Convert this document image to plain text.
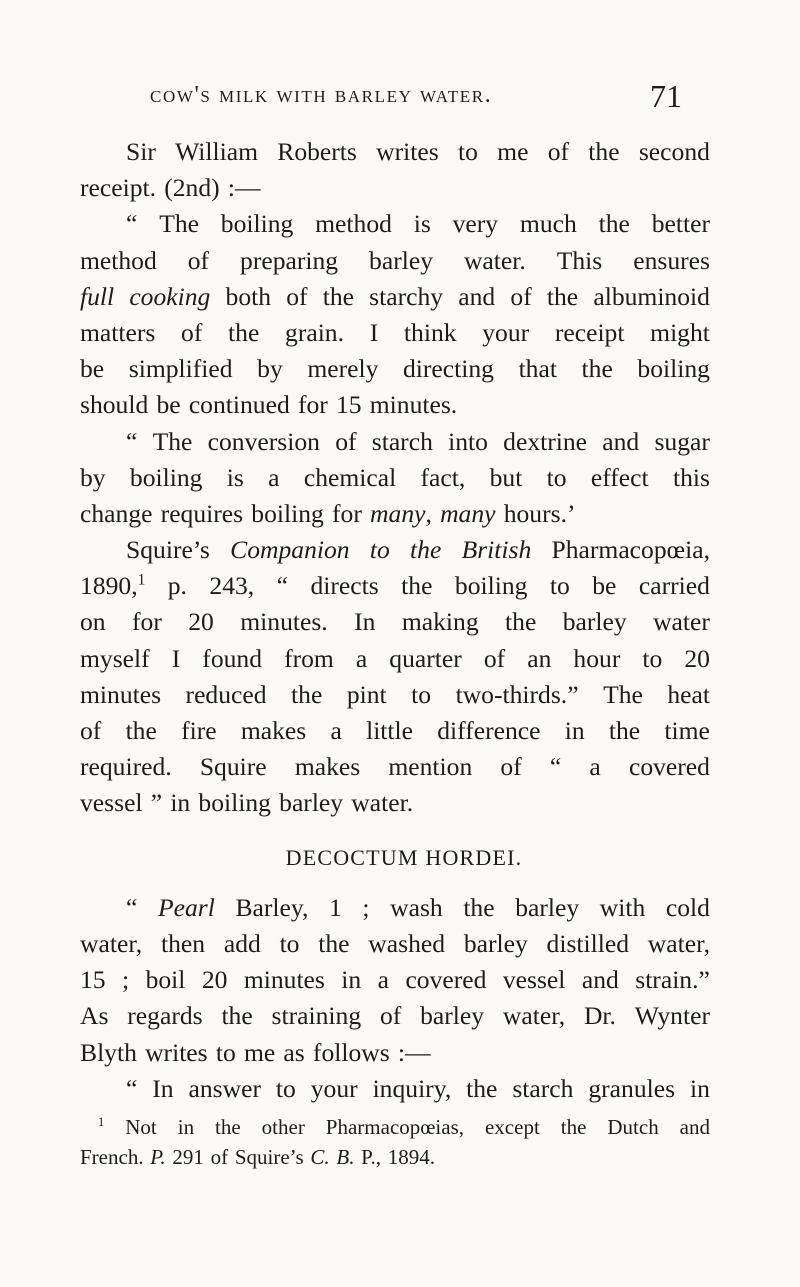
cow's milk with barley water.	71
Sir William Roberts writes to me of the second
receipt. (2nd) :—
“ The boiling method is very much the better
method of preparing barley water. This ensures
full cooking both of the starchy and of the albuminoid
matters of the grain. I think your receipt might
be simplified by merely directing that the boiling
should be continued for 15 minutes.
“ The conversion of starch into dextrine and sugar
by boiling is a chemical fact, but to effect this
change requires boiling for many, many hours.’
Squire’s Companion to the British Pharmacopœia,
1890,$^1$ p. 243, “ directs the boiling to be carried
on for 20 minutes. In making the barley water
myself I found from a quarter of an hour to 20
minutes reduced the pint to two-thirds.” The heat
of the fire makes a little difference in the time
required. Squire makes mention of “ a covered
vessel ” in boiling barley water.
DECOCTUM HORDEI.
“ Pearl Barley, 1 ; wash the barley with cold
water, then add to the washed barley distilled water,
15 ; boil 20 minutes in a covered vessel and strain.”
As regards the straining of barley water, Dr. Wynter
Blyth writes to me as follows :—
“ In answer to your inquiry, the starch granules in
$^1$ Not in the other Pharmacopœias, except the Dutch and
French. P. 291 of Squire’s C. B. P., 1894.
